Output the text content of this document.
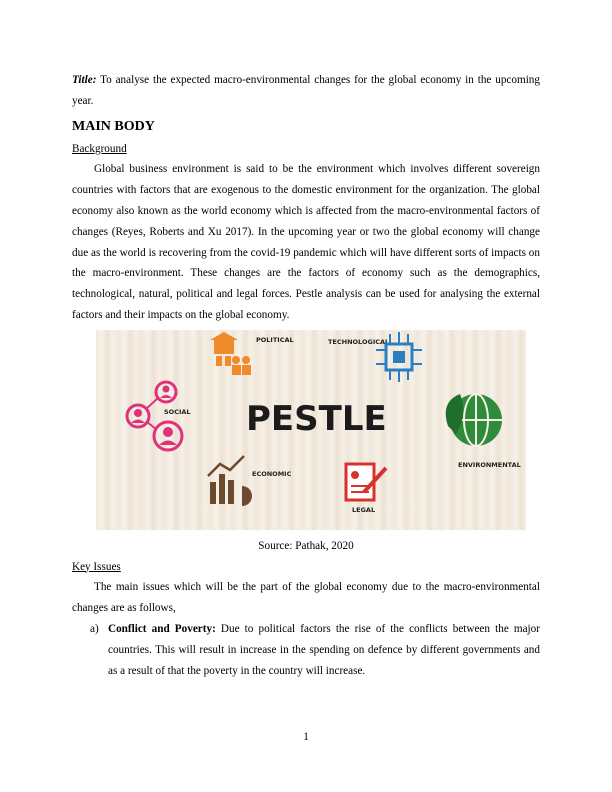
Title: To analyse the expected macro-environmental changes for the global economy in the upcoming year.

MAIN BODY
Background

Global business environment is said to be the environment which involves different sovereign countries with factors that are exogenous to the domestic environment for the organization. The global economy also known as the world economy which is affected from the macro-environmental factors of changes (Reyes, Roberts and Xu 2017). In the upcoming year or two the global economy will change due as the world is recovering from the covid-19 pandemic which will have different sorts of impacts on the macro-environment. These changes are the factors of economy such as the demographics, technological, natural, political and legal forces. Pestle analysis can be used for analysing the external factors and their impacts on the global economy.

POLITICAL	TECHNOLOGICAL
SOCIAL PESTLE
ENVIRONMENTAL
ECONOMIC
LEGAL
Source: Pathak, 2020
Key Issues

The main issues which will be the part of the global economy due to the macro-environmental changes are as follows,

a) Conflict and Poverty: Due to political factors the rise of the conflicts between the major countries. This will result in increase in the spending on defence by different governments and as a result of that the poverty in the country will increase.
1
